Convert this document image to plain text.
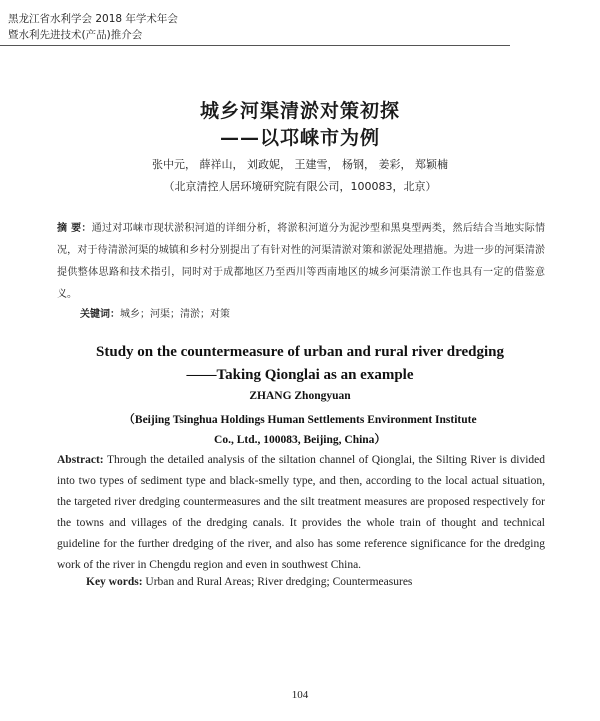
黑龙江省水利学会 2018 年学术年会
暨水利先进技术(产品)推介会
城乡河渠清淤对策初探
——以邛崃市为例
张中元， 薛祥山， 刘政妮， 王建雪， 杨钢， 姜彩， 郑颖楠
（北京清控人居环境研究院有限公司，100083，北京）
摘 要：通过对邛崃市现状淤积河道的详细分析，将淤积河道分为泥沙型和黑臭型两类，然后结合当地实际情况，对于待清淤河渠的城镇和乡村分别提出了有针对性的河渠清淤对策和淤泥处理措施。为进一步的河渠清淤提供整体思路和技术指引，同时对于成都地区乃至西川等西南地区的城乡河渠清淤工作也具有一定的借鉴意义。
关键词：城乡；河渠；清淤；对策
Study on the countermeasure of urban and rural river dredging
——Taking Qionglai as an example
ZHANG Zhongyuan
（Beijing Tsinghua Holdings Human Settlements Environment Institute
Co., Ltd., 100083, Beijing, China）
Abstract: Through the detailed analysis of the siltation channel of Qionglai, the Silting River is divided into two types of sediment type and black-smelly type, and then, according to the local actual situation, the targeted river dredging countermeasures and the silt treatment measures are proposed respectively for the towns and villages of the dredging canals. It provides the whole train of thought and technical guideline for the further dredging of the river, and also has some reference significance for the dredging work of the river in Chengdu region and even in southwest China.
Key words: Urban and Rural Areas; River dredging; Countermeasures
104
